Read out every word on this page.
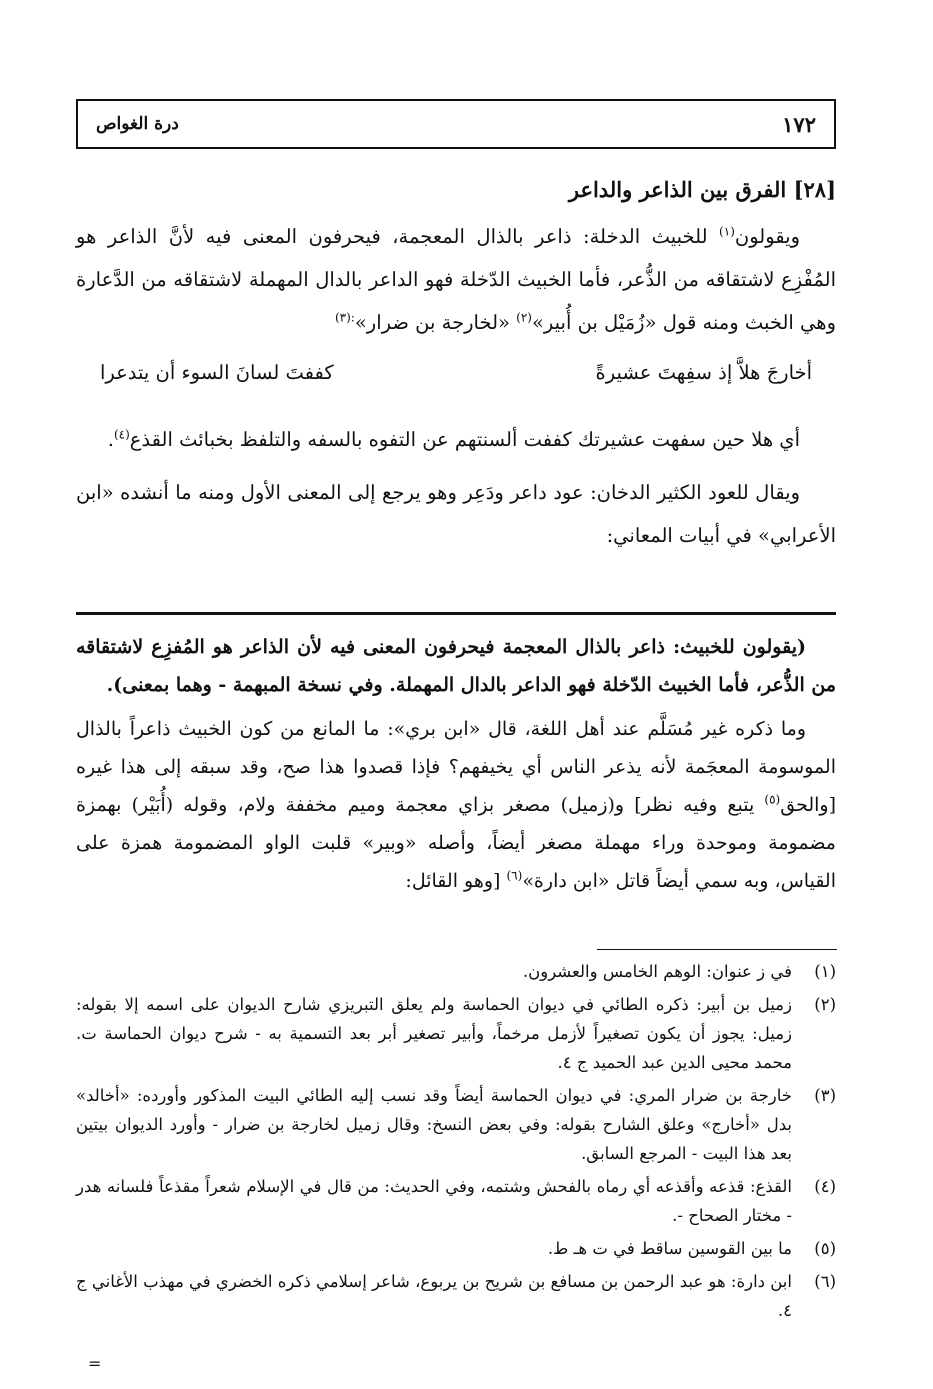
١٧٢
درة الغواص
[٢٨] الفرق بين الذاعر والداعر

ويقولون$^{(١)}$ للخبيث الدخلة: ذاعر بالذال المعجمة، فيحرفون المعنى فيه لأنَّ الذاعر هو المُفْزِع لاشتقاقه من الذُّعر، فأما الخبيث الدّخلة فهو الداعر بالدال المهملة لاشتقاقه من الدَّعارة وهي الخبث ومنه قول «زُمَيْل بن أُبير»$^{(٢)}$ «لخارجة بن ضرار»$^{:(٣)}$

أخارجَ هلاَّ إذ سفِهتَ عشيرةً
كففتَ لسانَ السوء أن يتدعرا

أي هلا حين سفهت عشيرتك كففت ألسنتهم عن التفوه بالسفه والتلفظ بخبائث القذع$^{(٤)}$.

ويقال للعود الكثير الدخان: عود داعر ودَعِر وهو يرجع إلى المعنى الأول ومنه ما أنشده «ابن الأعرابي» في أبيات المعاني:

(يقولون للخبيث: ذاعر بالذال المعجمة فيحرفون المعنى فيه لأن الذاعر هو المُفزِع لاشتقاقه من الذُّعر، فأما الخبيث الدّخلة فهو الداعر بالدال المهملة. وفي نسخة المبهمة - وهما بمعنى).

وما ذكره غير مُسَلَّم عند أهل اللغة، قال «ابن بري»: ما المانع من كون الخبيث ذاعراً بالذال الموسومة المعجَمة لأنه يذعر الناس أي يخيفهم؟ فإذا قصدوا هذا صح، وقد سبقه إلى هذا غيره [والحق$^{(٥)}$ يتبع وفيه نظر] و(زميل) مصغر بزاي معجمة وميم مخففة ولام، وقوله (أُبَيْر) بهمزة مضمومة وموحدة وراء مهملة مصغر أيضاً، وأصله «وبير» قلبت الواو المضمومة همزة على القياس، وبه سمي أيضاً قاتل «ابن دارة»$^{(٦)}$ [وهو القائل:

(١)
في ز عنوان: الوهم الخامس والعشرون.
(٢)
زميل بن أبير: ذكره الطائي في ديوان الحماسة ولم يعلق التبريزي شارح الديوان على اسمه إلا بقوله: زميل: يجوز أن يكون تصغيراً لأزمل مرخماً، وأبير تصغير أبر بعد التسمية به - شرح ديوان الحماسة ت. محمد محيى الدين عبد الحميد ج ٤.
(٣)
خارجة بن ضرار المري: في ديوان الحماسة أيضاً وقد نسب إليه الطائي البيت المذكور وأورده: «أخالد» بدل «أخارج» وعلق الشارح بقوله: وفي بعض النسخ: وقال زميل لخارجة بن ضرار - وأورد الديوان بيتين بعد هذا البيت - المرجع السابق.
(٤)
القذع: قذعه وأقذعه أي رماه بالفحش وشتمه، وفي الحديث: من قال في الإسلام شعراً مقذعاً فلسانه هدر - مختار الصحاح -.
(٥)
ما بين القوسين ساقط في ت هـ ط.
(٦)
ابن دارة: هو عبد الرحمن بن مسافع بن شريح بن يربوع، شاعر إسلامي ذكره الخضري في مهذب الأغاني ج ٤.
=
